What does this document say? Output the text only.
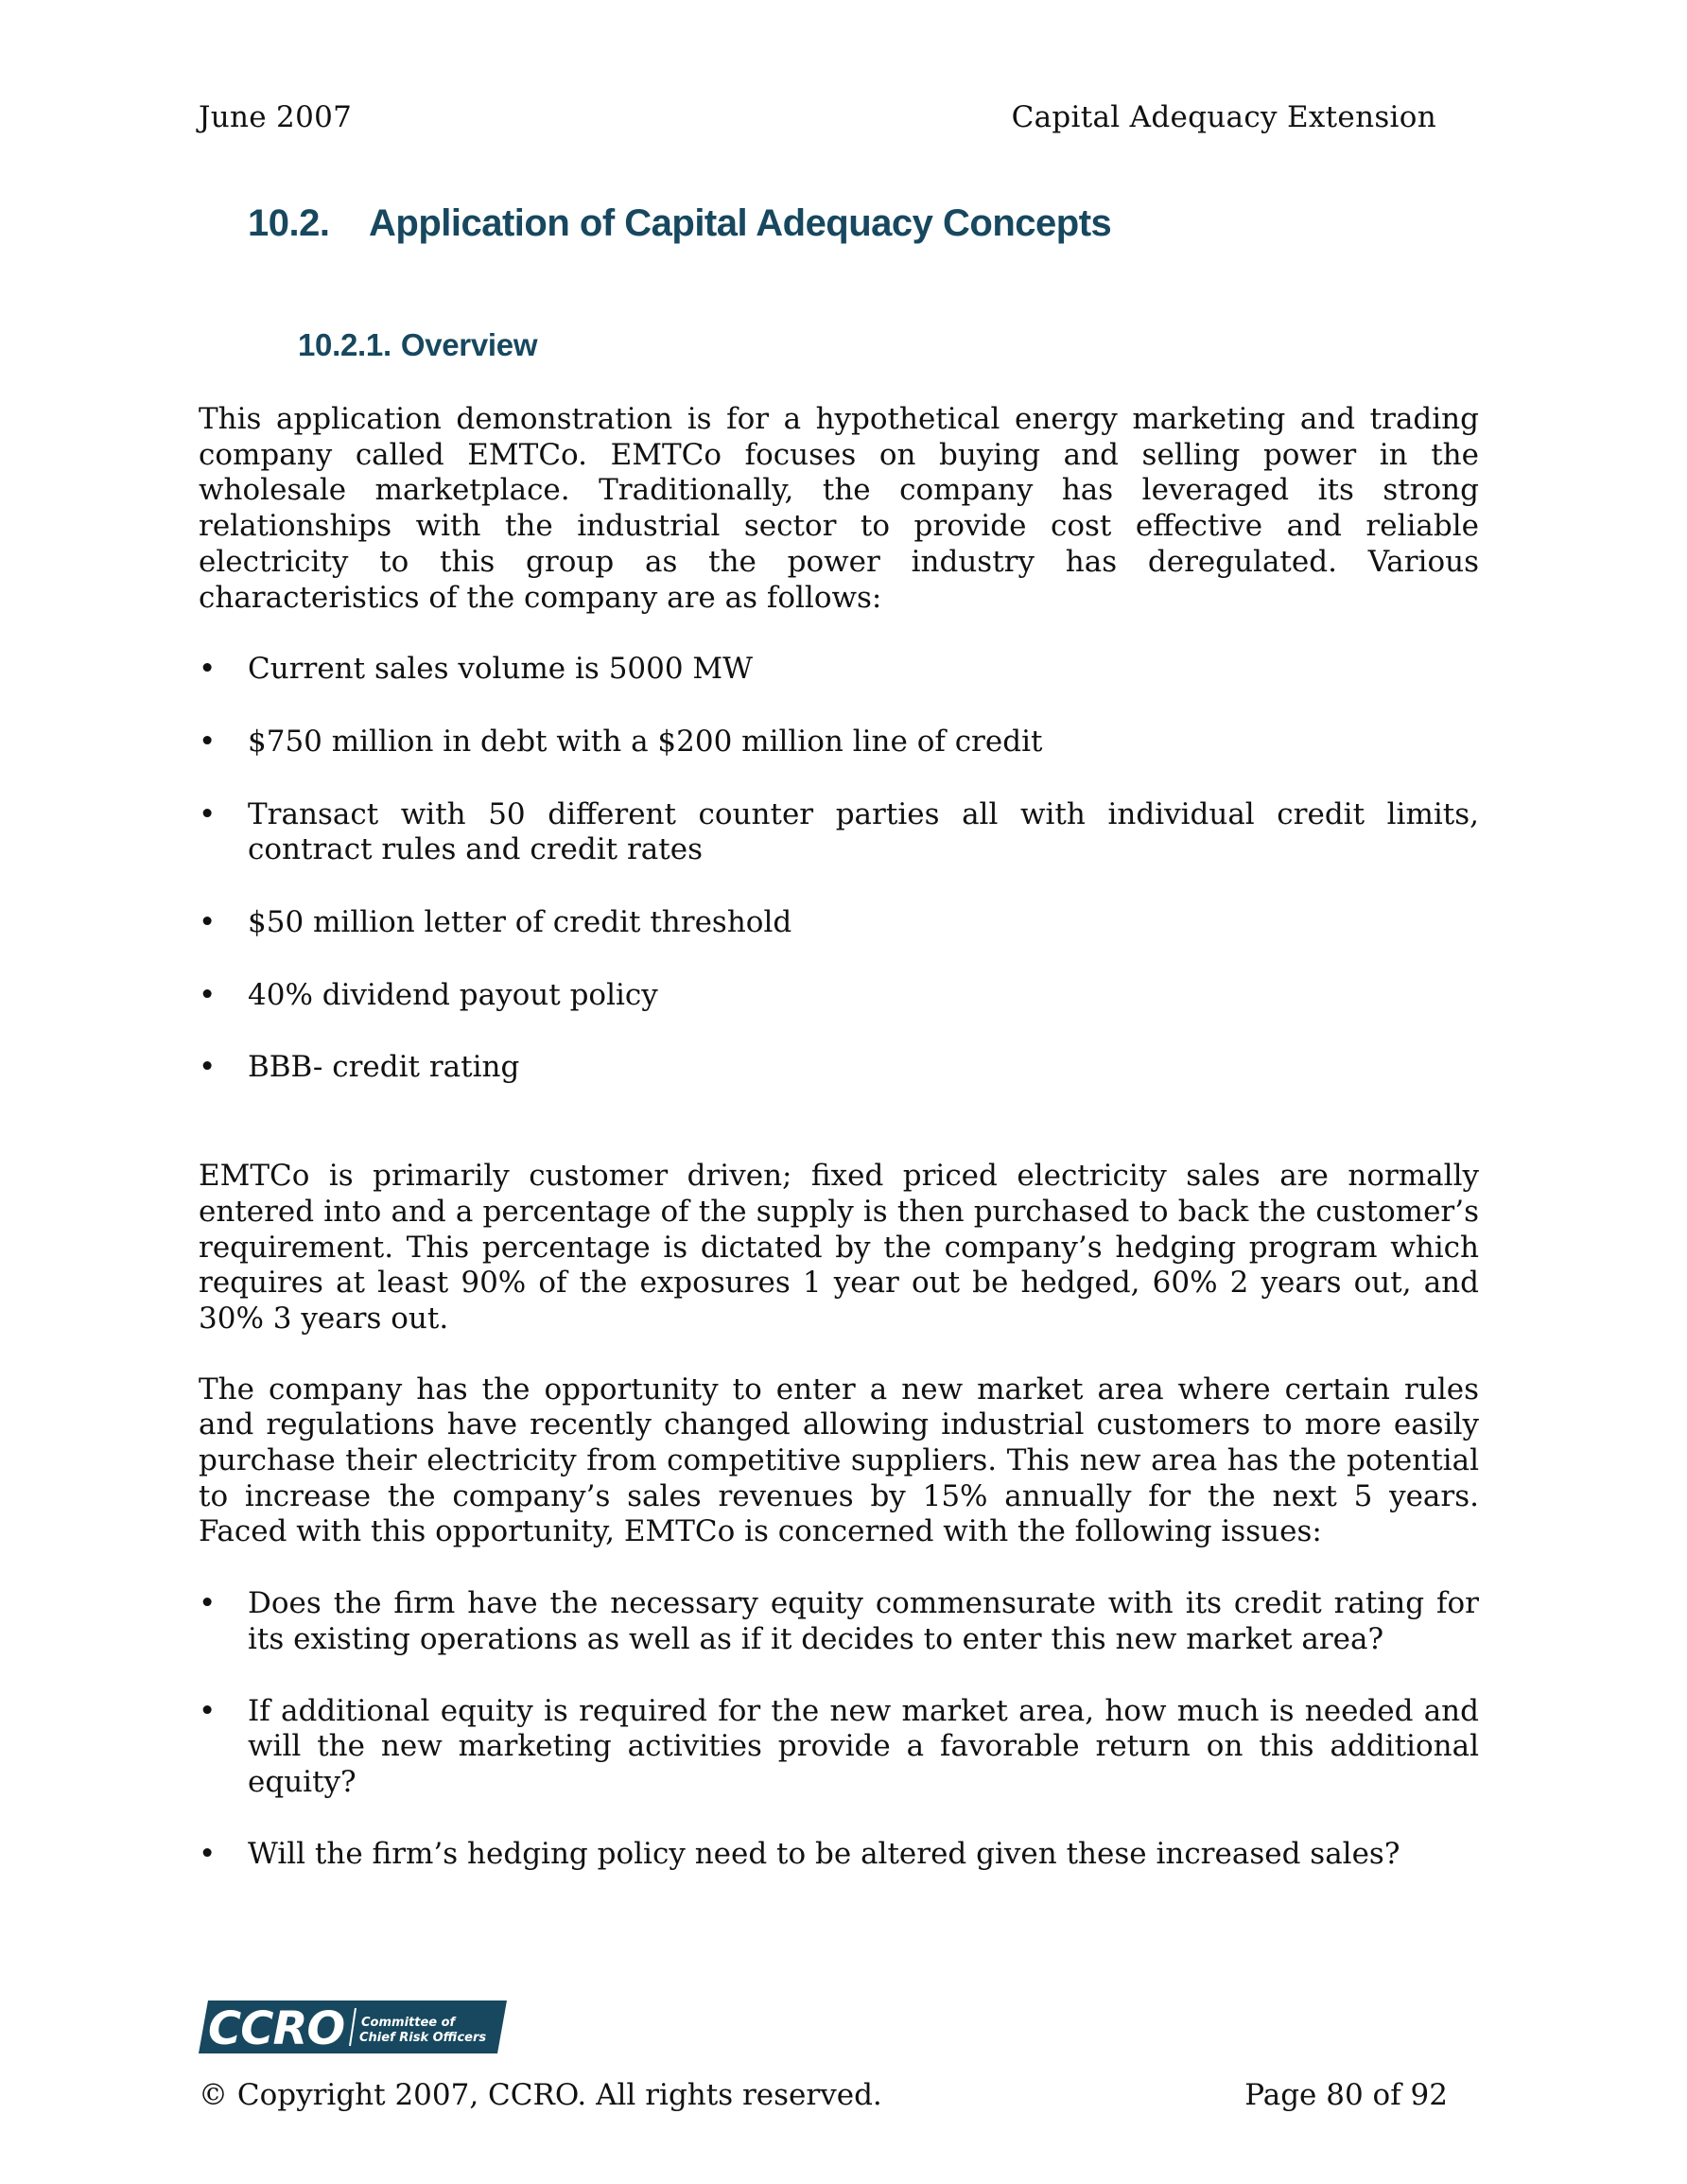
June 2007	Capital Adequacy Extension
10.2. Application of Capital Adequacy Concepts
10.2.1. Overview

This application demonstration is for a hypothetical energy marketing and trading company called EMTCo. EMTCo focuses on buying and selling power in the wholesale marketplace. Traditionally, the company has leveraged its strong relationships with the industrial sector to provide cost effective and reliable electricity to this group as the power industry has deregulated. Various characteristics of the company are as follows:

• Current sales volume is 5000 MW
• $750 million in debt with a $200 million line of credit
• Transact with 50 different counter parties all with individual credit limits, contract rules and credit rates
• $50 million letter of credit threshold
• 40% dividend payout policy
• BBB- credit rating

EMTCo is primarily customer driven; fixed priced electricity sales are normally entered into and a percentage of the supply is then purchased to back the customer’s requirement. This percentage is dictated by the company’s hedging program which requires at least 90% of the exposures 1 year out be hedged, 60% 2 years out, and 30% 3 years out.

The company has the opportunity to enter a new market area where certain rules and regulations have recently changed allowing industrial customers to more easily purchase their electricity from competitive suppliers. This new area has the potential to increase the company’s sales revenues by 15% annually for the next 5 years. Faced with this opportunity, EMTCo is concerned with the following issues:

• Does the firm have the necessary equity commensurate with its credit rating for its existing operations as well as if it decides to enter this new market area?
• If additional equity is required for the new market area, how much is needed and will the new marketing activities provide a favorable return on this additional equity?
• Will the firm’s hedging policy need to be altered given these increased sales?
CCRO Committee of
Chief Risk Officers
© Copyright 2007, CCRO. All rights reserved.	Page 80 of 92
